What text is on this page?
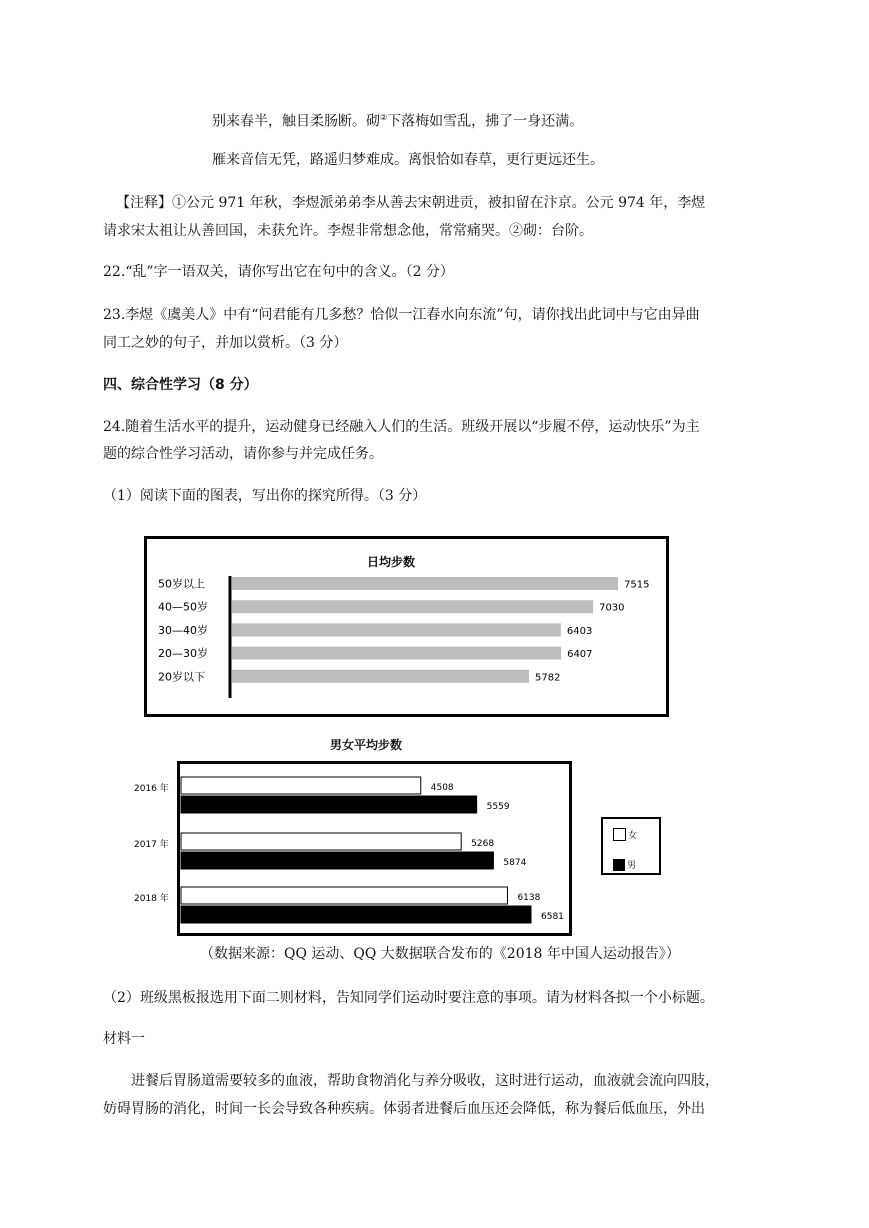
别来春半，触目柔肠断。砌②下落梅如雪乱，拂了一身还满。
雁来音信无凭，路遥归梦难成。离恨恰如春草，更行更远还生。
【注释】①公元 971 年秋，李煜派弟弟李从善去宋朝进贡，被扣留在汴京。公元 974 年，李煜
请求宋太祖让从善回国，未获允许。李煜非常想念他，常常痛哭。②砌：台阶。
22.“乱”字一语双关，请你写出它在句中的含义。（2 分）
23.李煜《虞美人》中有“问君能有几多愁？恰似一江春水向东流”句，请你找出此词中与它由异曲
同工之妙的句子，并加以赏析。（3 分）
四、综合性学习（8 分）
24.随着生活水平的提升，运动健身已经融入人们的生活。班级开展以“步履不停，运动快乐”为主
题的综合性学习活动，请你参与并完成任务。
（1）阅读下面的图表，写出你的探究所得。（3 分）
日均步数
50岁以上	7515
40—50岁	7030
30—40岁	6403
20—30岁	6407
20岁以下	5782
男女平均步数
2016 年	4508
5559
2017 年	5268
5874
2018 年	6138
6581
女
男
（数据来源：QQ 运动、QQ 大数据联合发布的《2018 年中国人运动报告》）
（2）班级黑板报选用下面二则材料，告知同学们运动时要注意的事项。请为材料各拟一个小标题。
材料一
进餐后胃肠道需要较多的血液，帮助食物消化与养分吸收，这时进行运动，血液就会流向四肢，
妨碍胃肠的消化，时间一长会导致各种疾病。体弱者进餐后血压还会降低，称为餐后低血压，外出
